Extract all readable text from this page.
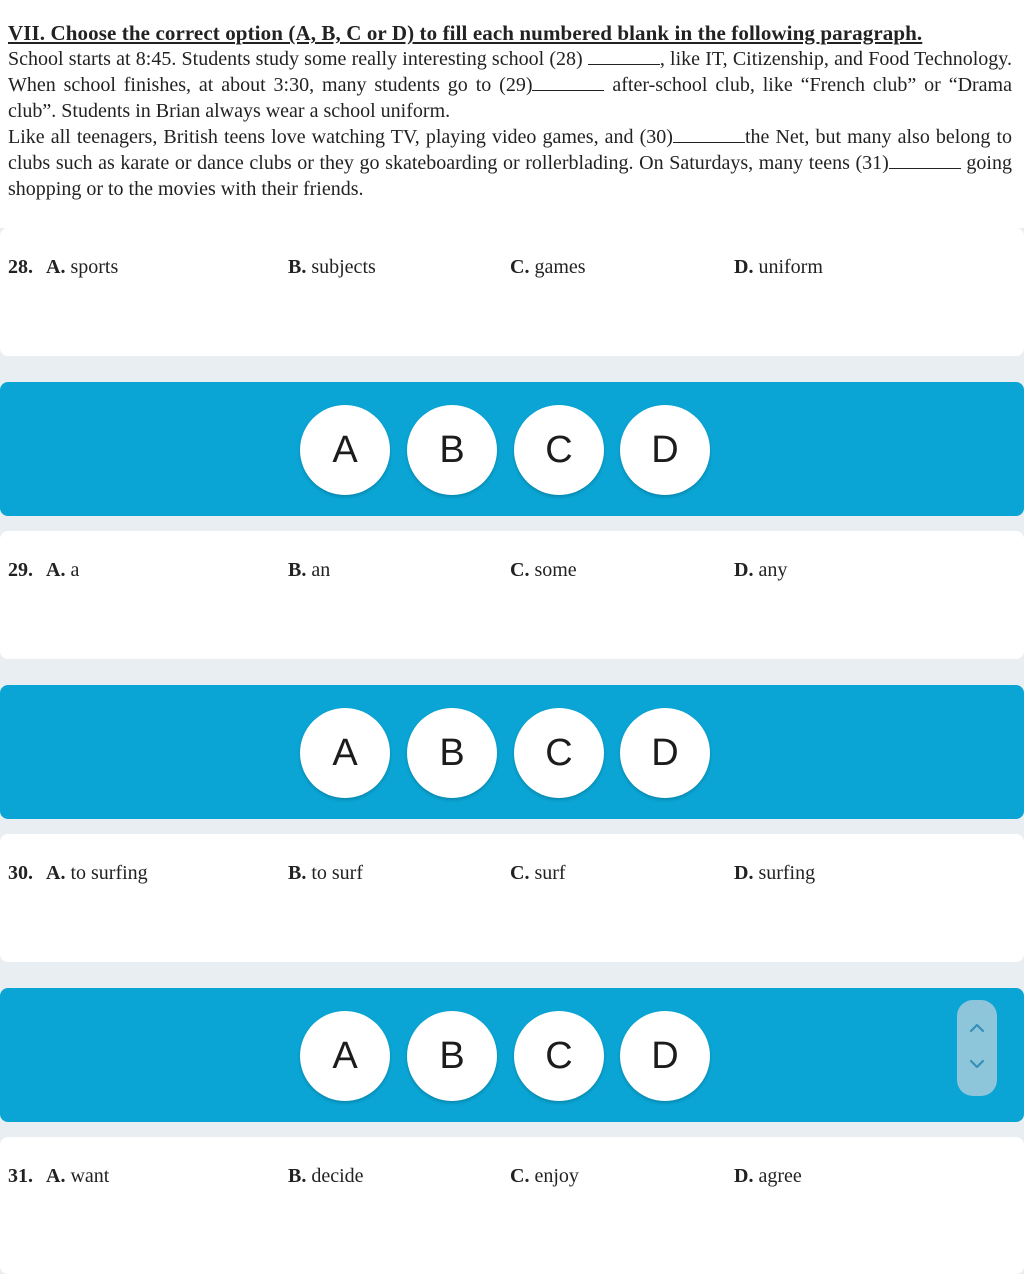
VII. Choose the correct option (A, B, C or D) to fill each numbered blank in the following paragraph.

School starts at 8:45. Students study some really interesting school (28)	, like IT, Citizenship, and Food Technology. When school finishes, at about 3:30, many students go to (29)	after-school club, like “French club” or “Drama club”. Students in Brian always wear a school uniform.

Like all teenagers, British teens love watching TV, playing video games, and (30)	the Net, but many also belong to clubs such as karate or dance clubs or they go skateboarding or rollerblading. On Saturdays, many teens (31)	going shopping or to the movies with their friends.

28. A. sports	B. subjects	C. games	D. uniform
A	B	C	D
29. A. a	B. an	C. some	D. any
A	B	C	D
30. A. to surfing	B. to surf	C. surf	D. surfing
A	B	C	D
31. A. want	B. decide	C. enjoy	D. agree
